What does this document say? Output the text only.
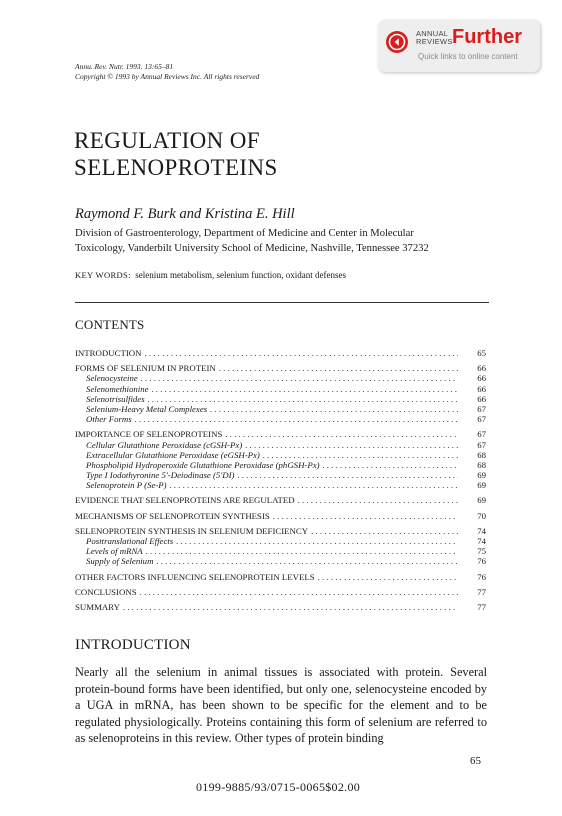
ANNUAL
REVIEWS Further
Quick links to online content
Annu. Rev. Nutr. 1993. 13:65–81
Copyright © 1993 by Annual Reviews Inc. All rights reserved
REGULATION OF
SELENOPROTEINS
Raymond F. Burk and Kristina E. Hill
Division of Gastroenterology, Department of Medicine and Center in Molecular
Toxicology, Vanderbilt University School of Medicine, Nashville, Tennessee 37232
KEY WORDS: selenium metabolism, selenium function, oxidant defenses
CONTENTS
INTRODUCTION . . .	65
FORMS OF SELENIUM IN PROTEIN . . .	66
Selenocysteine . . .	66
Selenomethionine . . .	66
Selenotrisulfides . . .	66
Selenium-Heavy Metal Complexes . . .	67
Other Forms . . .	67
IMPORTANCE OF SELENOPROTEINS . . .	67
Cellular Glutathione Peroxidase (cGSH-Px) . . .	67
Extracellular Glutathione Peroxidase (eGSH-Px) . . .	68
Phospholipid Hydroperoxide Glutathione Peroxidase (phGSH-Px) . . .	68
Type I Iodothyronine 5′-Deiodinase (5′DI) . . .	69
Selenoprotein P (Se-P) . . .	69
EVIDENCE THAT SELENOPROTEINS ARE REGULATED . . .	69
MECHANISMS OF SELENOPROTEIN SYNTHESIS . . .	70
SELENOPROTEIN SYNTHESIS IN SELENIUM DEFICIENCY . . .	74
Posttranslational Effects . . .	74
Levels of mRNA . . .	75
Supply of Selenium . . .	76
OTHER FACTORS INFLUENCING SELENOPROTEIN LEVELS . . .	76
CONCLUSIONS . . .	77
SUMMARY . . .	77
INTRODUCTION
Nearly all the selenium in animal tissues is associated with protein. Several protein-bound forms have been identified, but only one, selenocysteine encoded by a UGA in mRNA, has been shown to be specific for the element and to be regulated physiologically. Proteins containing this form of selenium are referred to as selenoproteins in this review. Other types of protein binding
65
0199-9885/93/0715-0065$02.00
